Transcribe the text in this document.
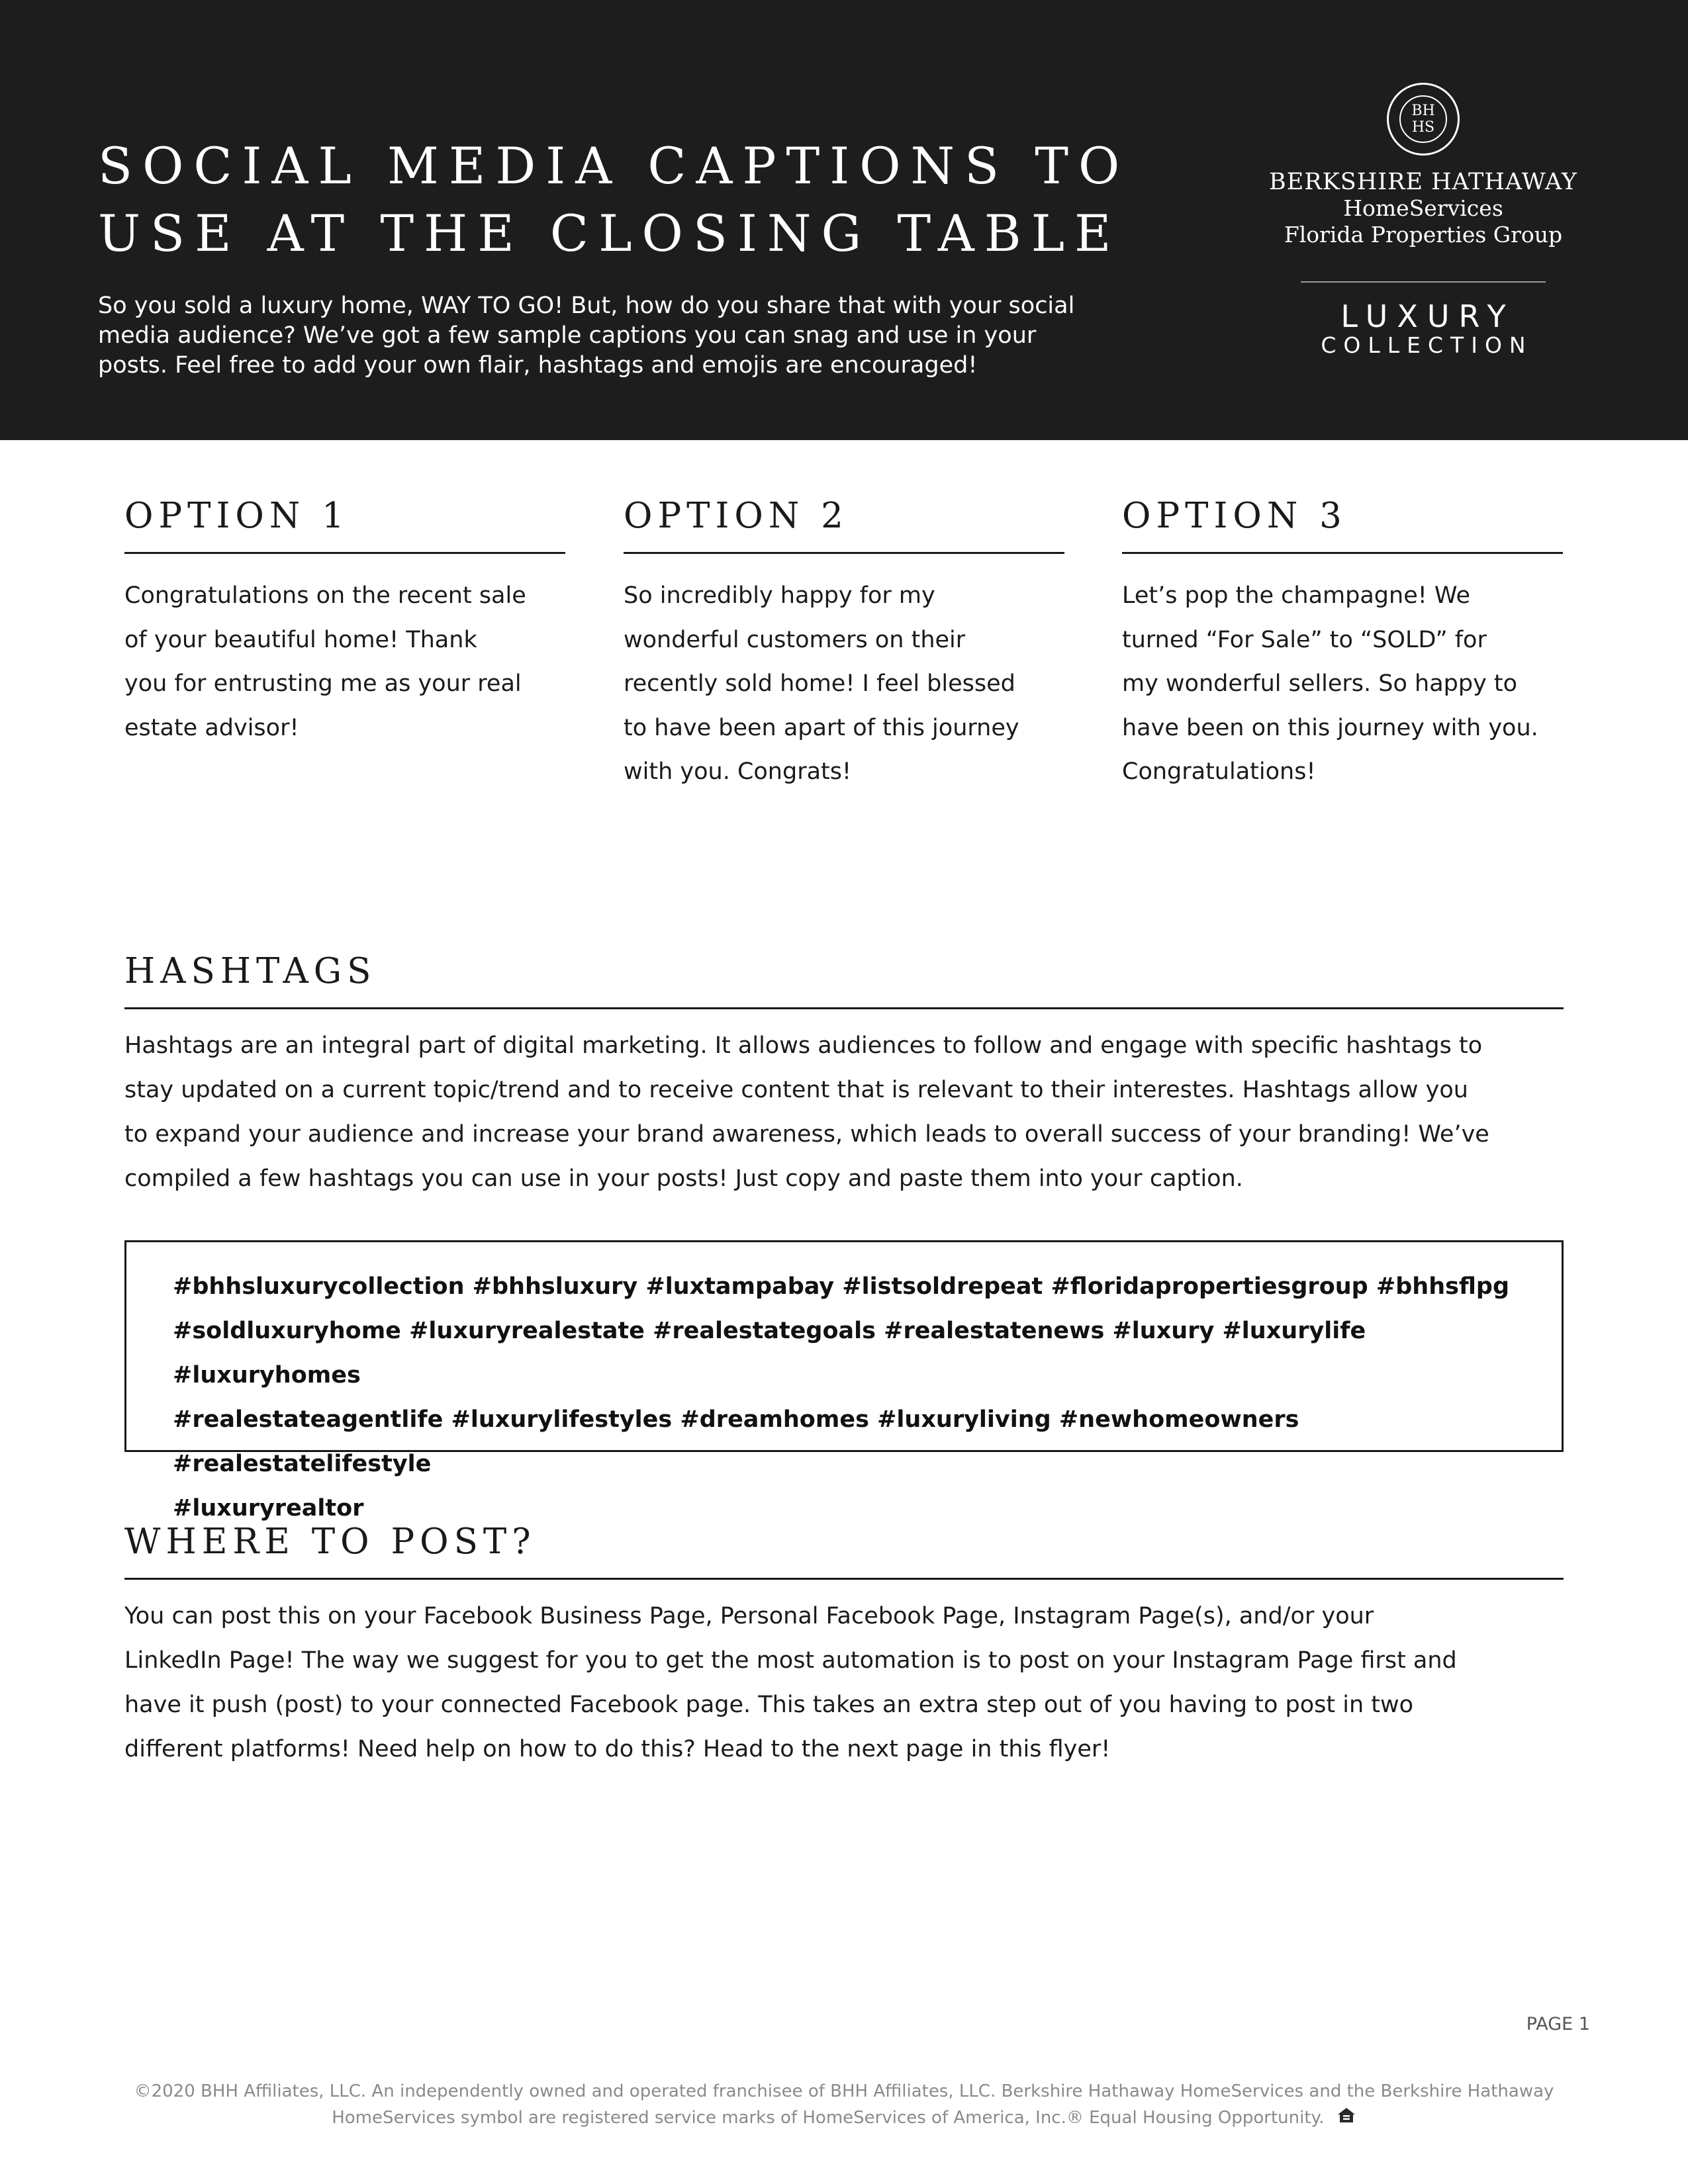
SOCIAL MEDIA CAPTIONS TO
USE AT THE CLOSING TABLE

So you sold a luxury home, WAY TO GO! But, how do you share that with your social
media audience? We’ve got a few sample captions you can snag and use in your
posts. Feel free to add your own flair, hashtags and emojis are encouraged!

BH
HS
BERKSHIRE HATHAWAY
HomeServices
Florida Properties Group
LUXURY
COLLECTION
OPTION 1

Congratulations on the recent sale
of your beautiful home! Thank
you for entrusting me as your real
estate advisor!

OPTION 2

So incredibly happy for my
wonderful customers on their
recently sold home! I feel blessed
to have been apart of this journey
with you. Congrats!

OPTION 3

Let’s pop the champagne! We
turned “For Sale” to “SOLD” for
my wonderful sellers. So happy to
have been on this journey with you.
Congratulations!

HASHTAGS

Hashtags are an integral part of digital marketing. It allows audiences to follow and engage with specific hashtags to
stay updated on a current topic/trend and to receive content that is relevant to their interestes. Hashtags allow you
to expand your audience and increase your brand awareness, which leads to overall success of your branding! We’ve
compiled a few hashtags you can use in your posts! Just copy and paste them into your caption.

#bhhsluxurycollection #bhhsluxury #luxtampabay #listsoldrepeat #floridapropertiesgroup #bhhsflpg
#soldluxuryhome #luxuryrealestate #realestategoals #realestatenews #luxury #luxurylife #luxuryhomes
#realestateagentlife #luxurylifestyles #dreamhomes #luxuryliving #newhomeowners #realestatelifestyle
#luxuryrealtor

WHERE TO POST?

You can post this on your Facebook Business Page, Personal Facebook Page, Instagram Page(s), and/or your
LinkedIn Page! The way we suggest for you to get the most automation is to post on your Instagram Page first and
have it push (post) to your connected Facebook page. This takes an extra step out of you having to post in two
different platforms! Need help on how to do this? Head to the next page in this flyer!

PAGE 1
©2020 BHH Affiliates, LLC. An independently owned and operated franchisee of BHH Affiliates, LLC. Berkshire Hathaway HomeServices and the Berkshire Hathaway
HomeServices symbol are registered service marks of HomeServices of America, Inc.® Equal Housing Opportunity.
